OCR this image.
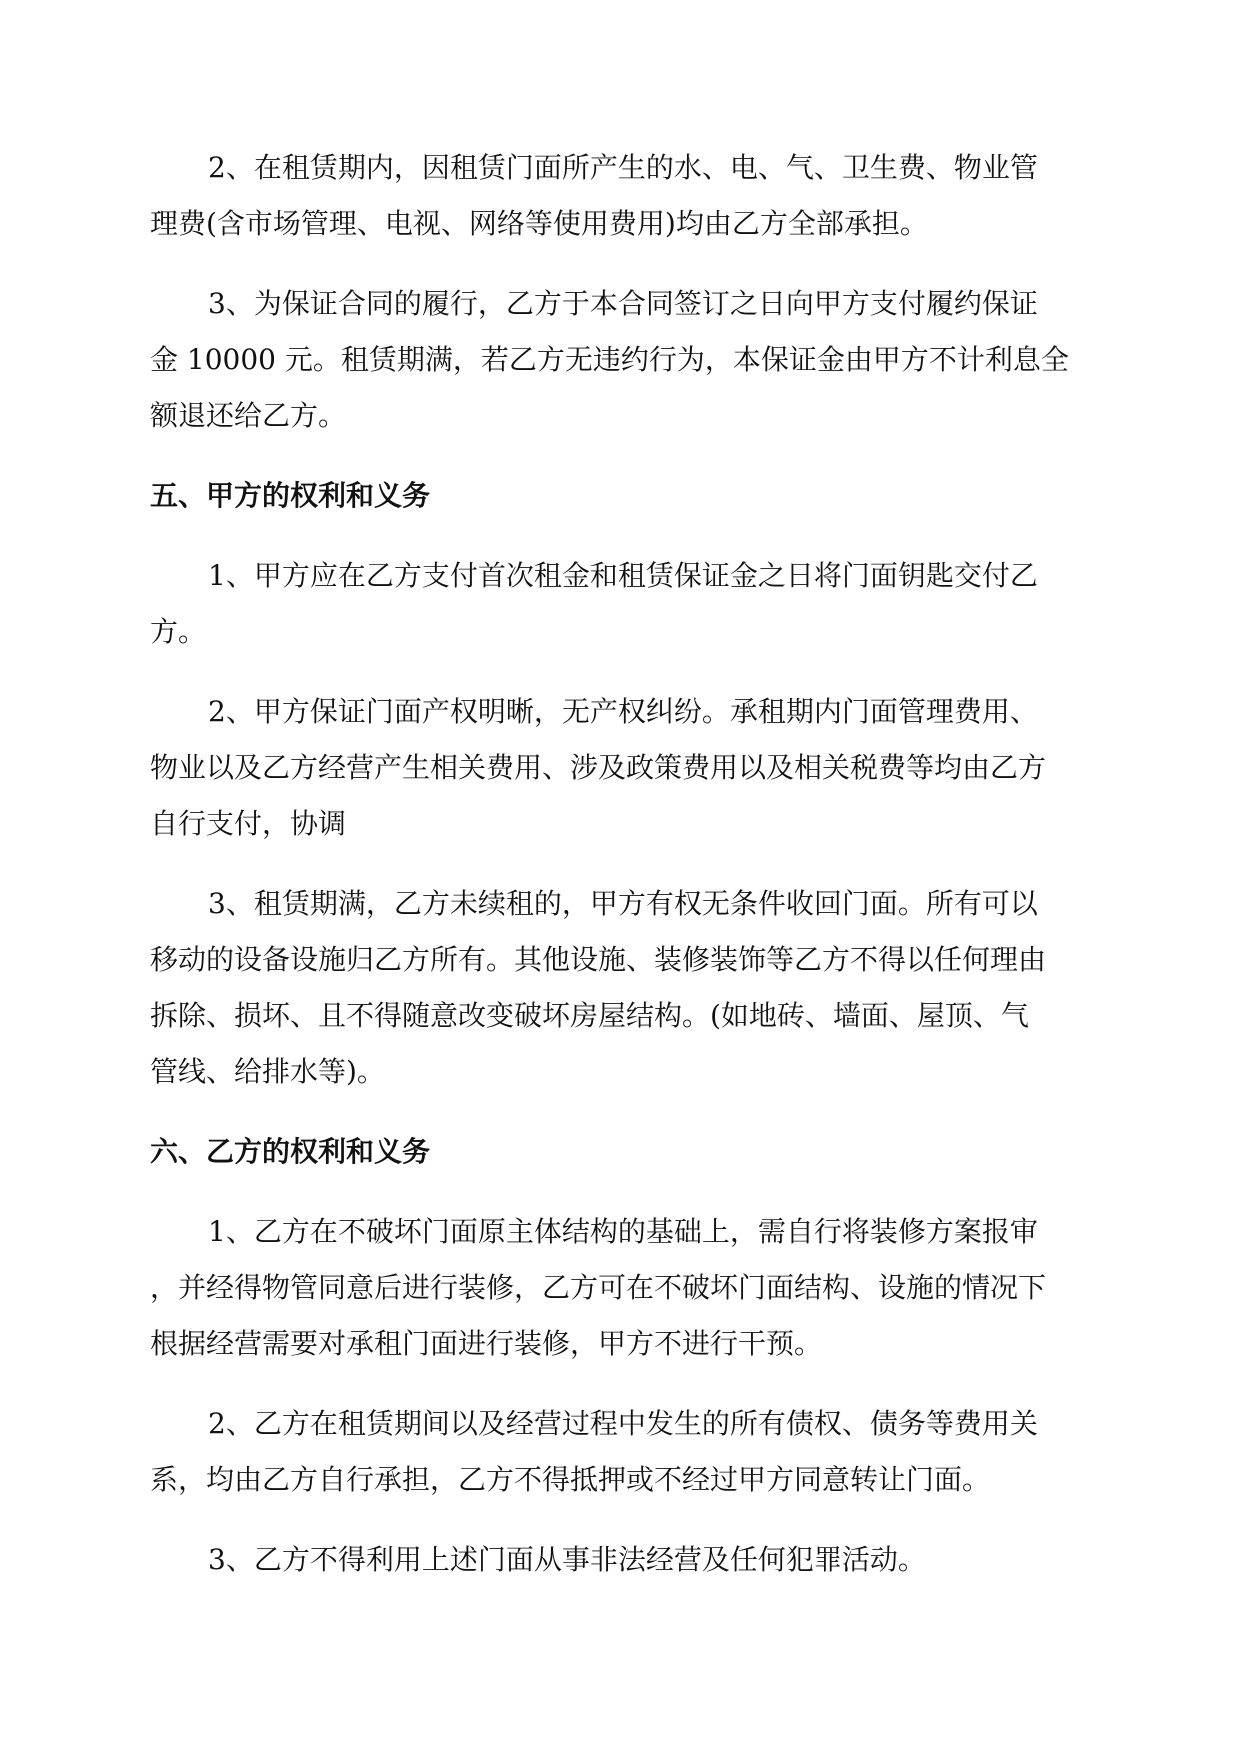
2、在租赁期内，因租赁门面所产生的水、电、气、卫生费、物业管
理费(含市场管理、电视、网络等使用费用)均由乙方全部承担。

3、为保证合同的履行，乙方于本合同签订之日向甲方支付履约保证
金 10000 元。租赁期满，若乙方无违约行为，本保证金由甲方不计利息全
额退还给乙方。

五、甲方的权利和义务

1、甲方应在乙方支付首次租金和租赁保证金之日将门面钥匙交付乙
方。

2、甲方保证门面产权明晰，无产权纠纷。承租期内门面管理费用、
物业以及乙方经营产生相关费用、涉及政策费用以及相关税费等均由乙方
自行支付，协调

3、租赁期满，乙方未续租的，甲方有权无条件收回门面。所有可以
移动的设备设施归乙方所有。其他设施、装修装饰等乙方不得以任何理由
拆除、损坏、且不得随意改变破坏房屋结构。(如地砖、墙面、屋顶、气
管线、给排水等)。

六、乙方的权利和义务

1、乙方在不破坏门面原主体结构的基础上，需自行将装修方案报审
，并经得物管同意后进行装修，乙方可在不破坏门面结构、设施的情况下
根据经营需要对承租门面进行装修，甲方不进行干预。

2、乙方在租赁期间以及经营过程中发生的所有债权、债务等费用关
系，均由乙方自行承担，乙方不得抵押或不经过甲方同意转让门面。

3、乙方不得利用上述门面从事非法经营及任何犯罪活动。
